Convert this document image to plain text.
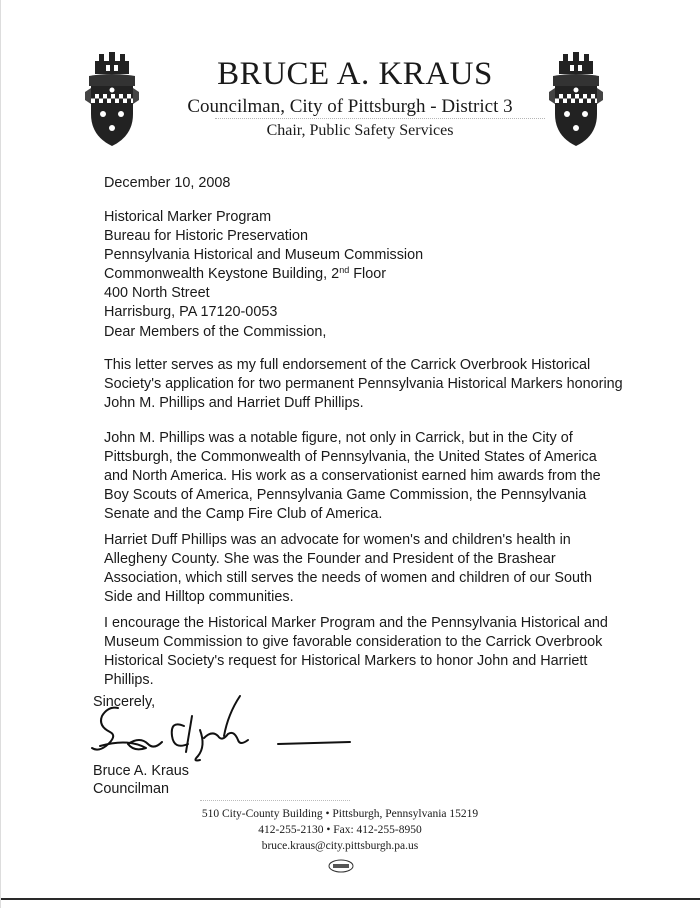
BRUCE A. KRAUS
Councilman, City of Pittsburgh - District 3
Chair, Public Safety Services
December 10, 2008
Historical Marker Program
Bureau for Historic Preservation
Pennsylvania Historical and Museum Commission
Commonwealth Keystone Building, 2nd Floor
400 North Street
Harrisburg, PA 17120-0053
Dear Members of the Commission,
This letter serves as my full endorsement of the Carrick Overbrook Historical Society's application for two permanent Pennsylvania Historical Markers honoring John M. Phillips and Harriet Duff Phillips.
John M. Phillips was a notable figure, not only in Carrick, but in the City of Pittsburgh, the Commonwealth of Pennsylvania, the United States of America and North America. His work as a conservationist earned him awards from the Boy Scouts of America, Pennsylvania Game Commission, the Pennsylvania Senate and the Camp Fire Club of America.
Harriet Duff Phillips was an advocate for women's and children's health in Allegheny County. She was the Founder and President of the Brashear Association, which still serves the needs of women and children of our South Side and Hilltop communities.
I encourage the Historical Marker Program and the Pennsylvania Historical and Museum Commission to give favorable consideration to the Carrick Overbrook Historical Society's request for Historical Markers to honor John and Harriett Phillips.
Sincerely,
Bruce A. Kraus
Councilman
510 City-County Building • Pittsburgh, Pennsylvania 15219
412-255-2130 • Fax: 412-255-8950
bruce.kraus@city.pittsburgh.pa.us
